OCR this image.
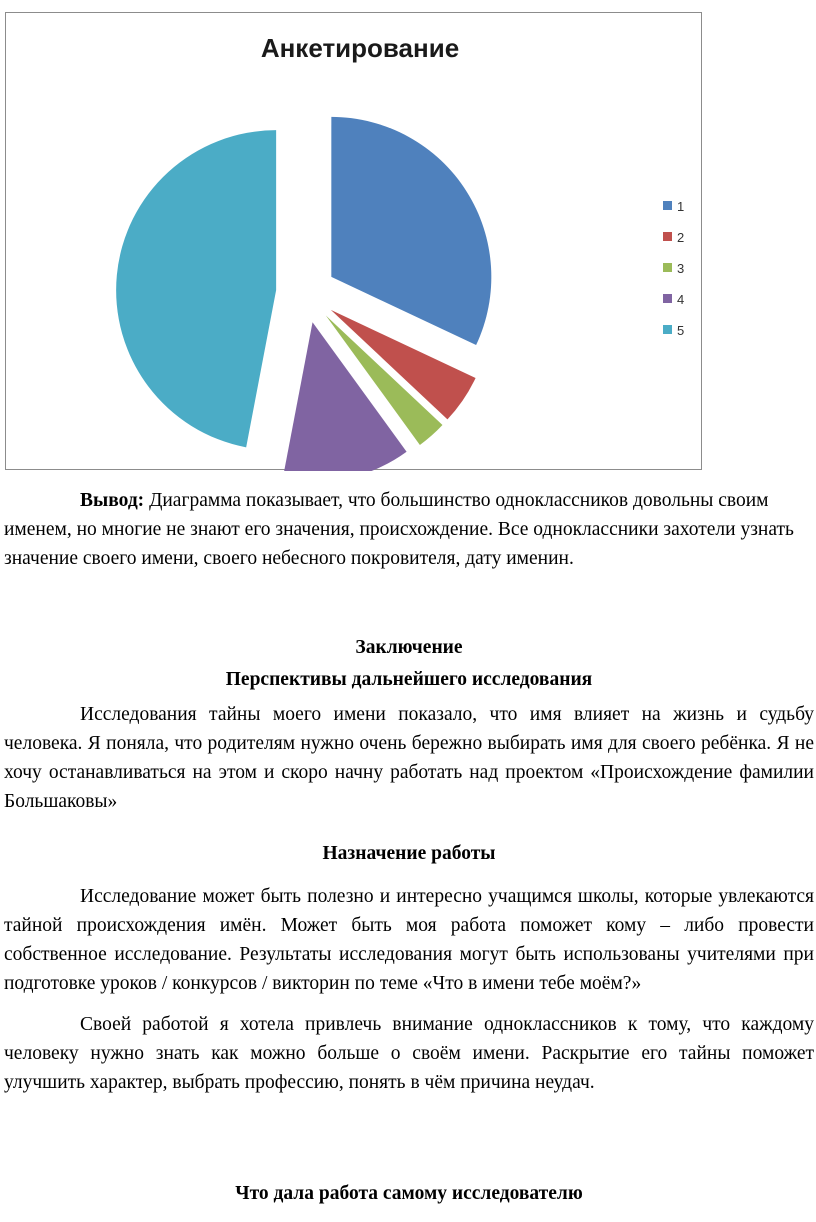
Анкетирование
1
2
3
4
5

Вывод: Диаграмма показывает, что большинство одноклассников довольны своим именем, но многие не знают его значения, происхождение. Все одноклассники захотели узнать значение своего имени, своего небесного покровителя, дату именин.

Заключение

Перспективы дальнейшего исследования

Исследования тайны моего имени показало, что имя влияет на жизнь и судьбу человека. Я поняла, что родителям нужно очень бережно выбирать имя для своего ребёнка. Я не хочу останавливаться на этом и скоро начну работать над проектом «Происхождение фамилии Большаковы»

Назначение работы

Исследование может быть полезно и интересно учащимся школы, которые увлекаются тайной происхождения имён. Может быть моя работа поможет кому – либо провести собственное исследование. Результаты исследования могут быть использованы учителями при подготовке уроков / конкурсов / викторин по теме «Что в имени тебе моём?»

Своей работой я хотела привлечь внимание одноклассников к тому, что каждому человеку нужно знать как можно больше о своём имени. Раскрытие его тайны поможет улучшить характер, выбрать профессию, понять в чём причина неудач.

Что дала работа самому исследователю
